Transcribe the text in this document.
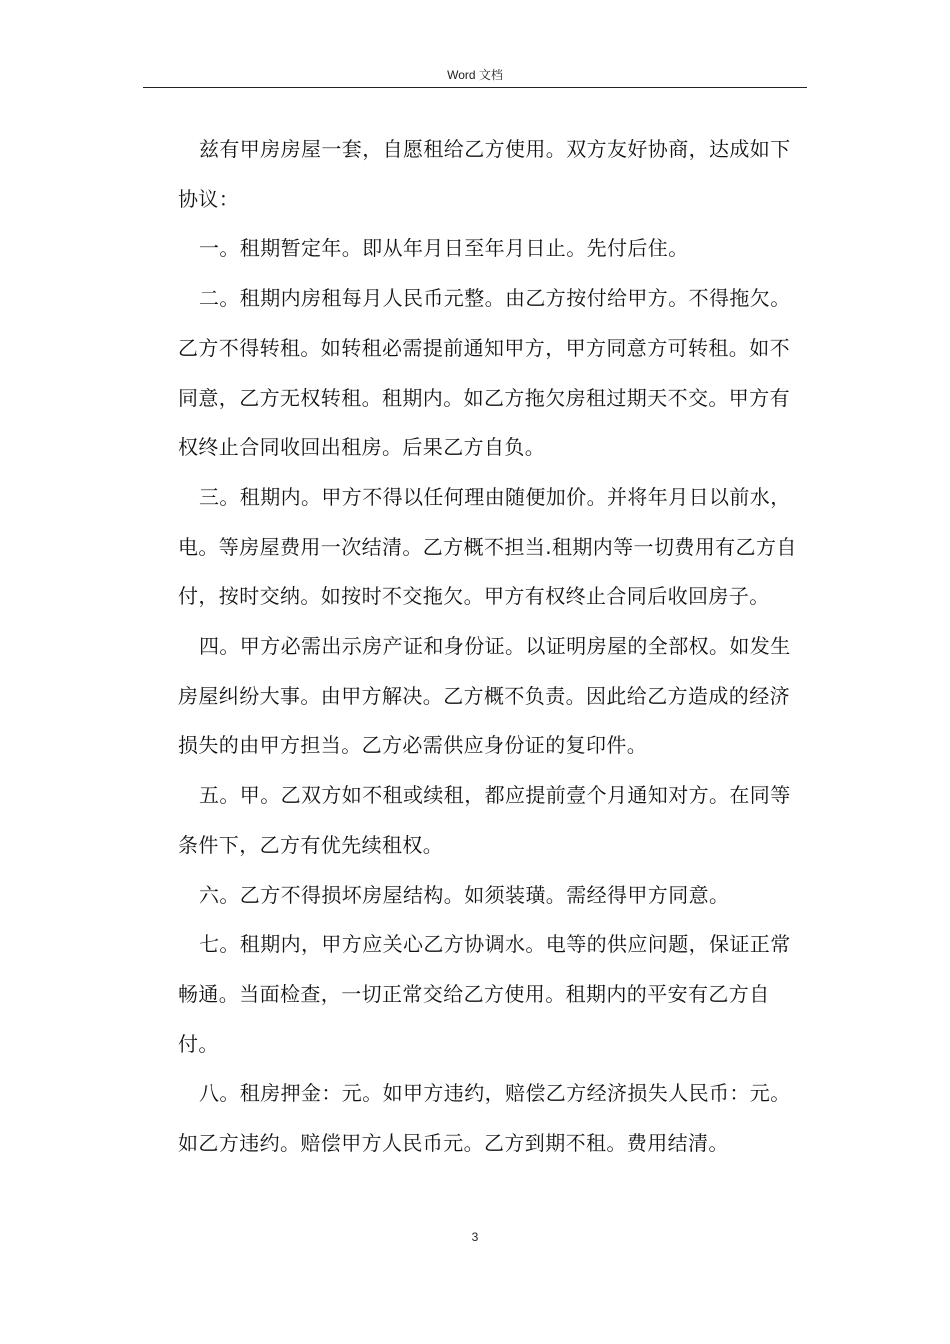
Word 文档

兹有甲房房屋一套，自愿租给乙方使用。双方友好协商，达成如下协议：

一。租期暂定年。即从年月日至年月日止。先付后住。

二。租期内房租每月人民币元整。由乙方按付给甲方。不得拖欠。乙方不得转租。如转租必需提前通知甲方，甲方同意方可转租。如不同意，乙方无权转租。租期内。如乙方拖欠房租过期天不交。甲方有权终止合同收回出租房。后果乙方自负。

三。租期内。甲方不得以任何理由随便加价。并将年月日以前水，电。等房屋费用一次结清。乙方概不担当.租期内等一切费用有乙方自付，按时交纳。如按时不交拖欠。甲方有权终止合同后收回房子。

四。甲方必需出示房产证和身份证。以证明房屋的全部权。如发生房屋纠纷大事。由甲方解决。乙方概不负责。因此给乙方造成的经济损失的由甲方担当。乙方必需供应身份证的复印件。

五。甲。乙双方如不租或续租，都应提前壹个月通知对方。在同等条件下，乙方有优先续租权。

六。乙方不得损坏房屋结构。如须装璜。需经得甲方同意。

七。租期内，甲方应关心乙方协调水。电等的供应问题，保证正常畅通。当面检查，一切正常交给乙方使用。租期内的平安有乙方自付。

八。租房押金：元。如甲方违约，赔偿乙方经济损失人民币：元。如乙方违约。赔偿甲方人民币元。乙方到期不租。费用结清。

3
